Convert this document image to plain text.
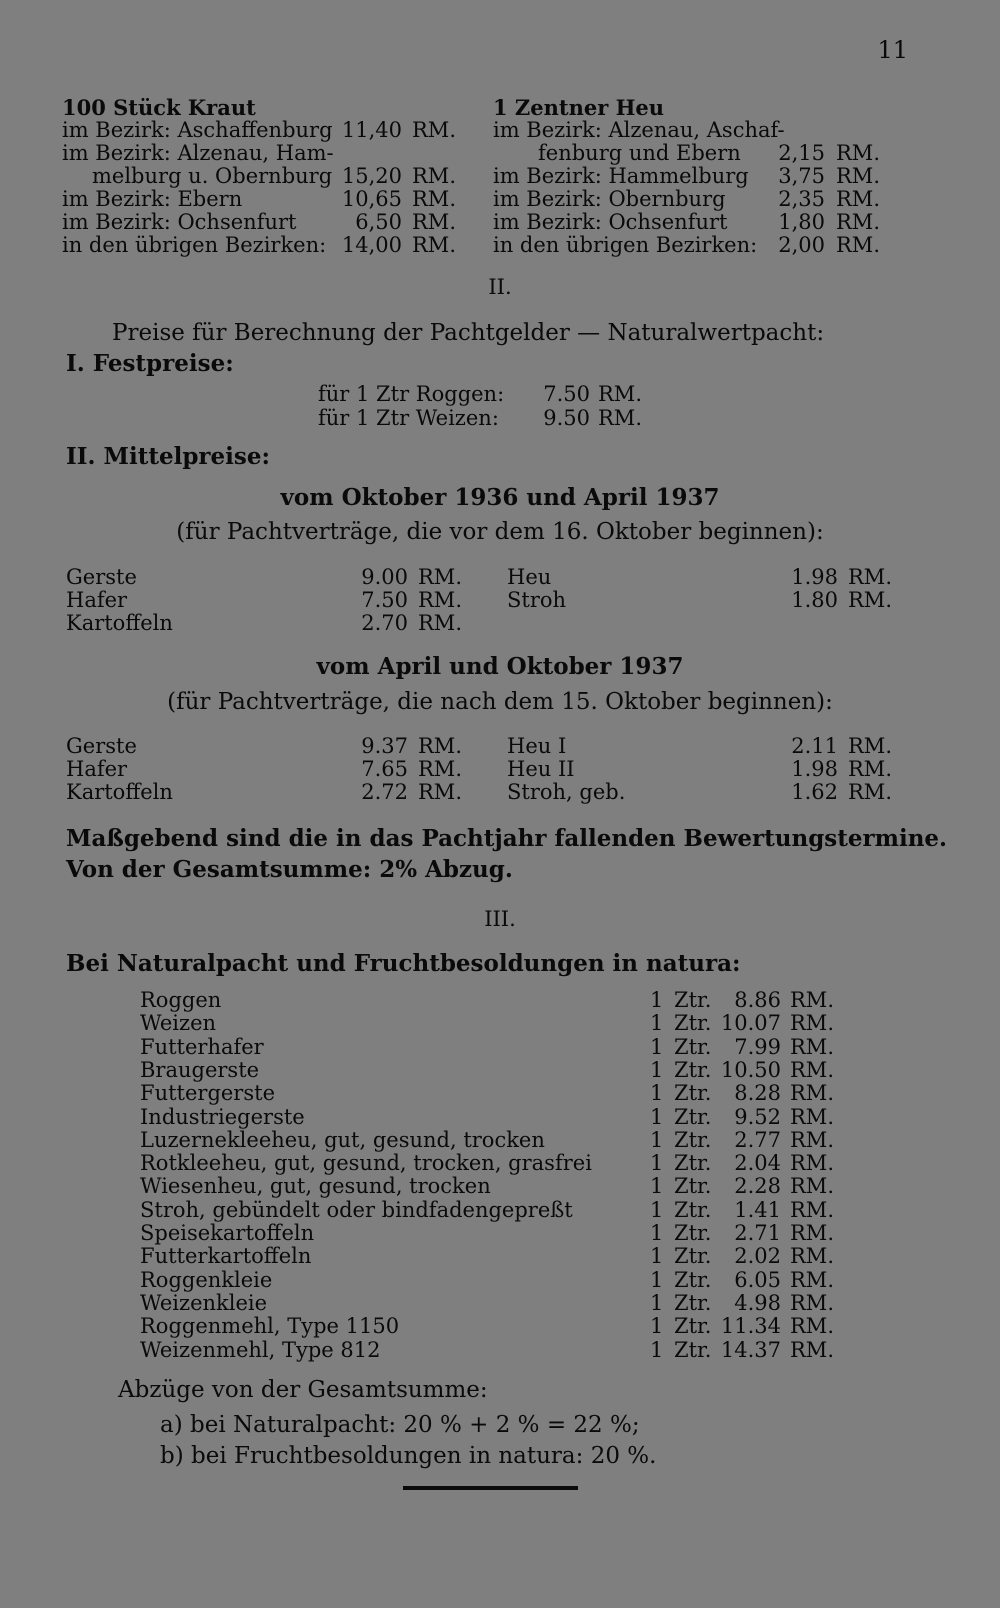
11
100 Stück Kraut
im Bezirk: Aschaffenburg 11,40 RM.
im Bezirk: Alzenau, Ham-
melburg u. Obernburg 15,20 RM.
im Bezirk: Ebern	10,65 RM.
im Bezirk: Ochsenfurt	6,50 RM.
in den übrigen Bezirken: 14,00 RM.
1 Zentner Heu
im Bezirk: Alzenau, Aschaf-
fenburg und Ebern	2,15 RM.
im Bezirk: Hammelburg	3,75 RM.
im Bezirk: Obernburg	2,35 RM.
im Bezirk: Ochsenfurt	1,80 RM.
in den übrigen Bezirken:	2,00 RM.
II.
Preise für Berechnung der Pachtgelder — Naturalwertpacht:
I. Festpreise:
für 1 Ztr Roggen:	7.50 RM.
für 1 Ztr Weizen:	9.50 RM.
II. Mittelpreise:
vom Oktober 1936 und April 1937
(für Pachtverträge, die vor dem 16. Oktober beginnen):
Gerste	9.00 RM.
Hafer	7.50 RM.
Kartoffeln	2.70 RM.
Heu	1.98 RM.
Stroh	1.80 RM.
vom April und Oktober 1937
(für Pachtverträge, die nach dem 15. Oktober beginnen):
Gerste	9.37 RM.
Hafer	7.65 RM.
Kartoffeln	2.72 RM.
Heu I	2.11 RM.
Heu II	1.98 RM.
Stroh, geb.	1.62 RM.
Maßgebend sind die in das Pachtjahr fallenden Bewertungstermine.
Von der Gesamtsumme: 2% Abzug.
III.
Bei Naturalpacht und Fruchtbesoldungen in natura:
Roggen	1 Ztr.	8.86 RM.
Weizen	1 Ztr. 10.07 RM.
Futterhafer	1 Ztr.	7.99 RM.
Braugerste	1 Ztr. 10.50 RM.
Futtergerste	1 Ztr.	8.28 RM.
Industriegerste	1 Ztr.	9.52 RM.
Luzernekleeheu, gut, gesund, trocken	1 Ztr.	2.77 RM.
Rotkleeheu, gut, gesund, trocken, grasfrei	1 Ztr.	2.04 RM.
Wiesenheu, gut, gesund, trocken	1 Ztr.	2.28 RM.
Stroh, gebündelt oder bindfadengepreßt	1 Ztr.	1.41 RM.
Speisekartoffeln	1 Ztr.	2.71 RM.
Futterkartoffeln	1 Ztr.	2.02 RM.
Roggenkleie	1 Ztr.	6.05 RM.
Weizenkleie	1 Ztr.	4.98 RM.
Roggenmehl, Type 1150	1 Ztr. 11.34 RM.
Weizenmehl, Type 812	1 Ztr. 14.37 RM.
Abzüge von der Gesamtsumme:
a) bei Naturalpacht: 20 % + 2 % = 22 %;
b) bei Fruchtbesoldungen in natura: 20 %.
